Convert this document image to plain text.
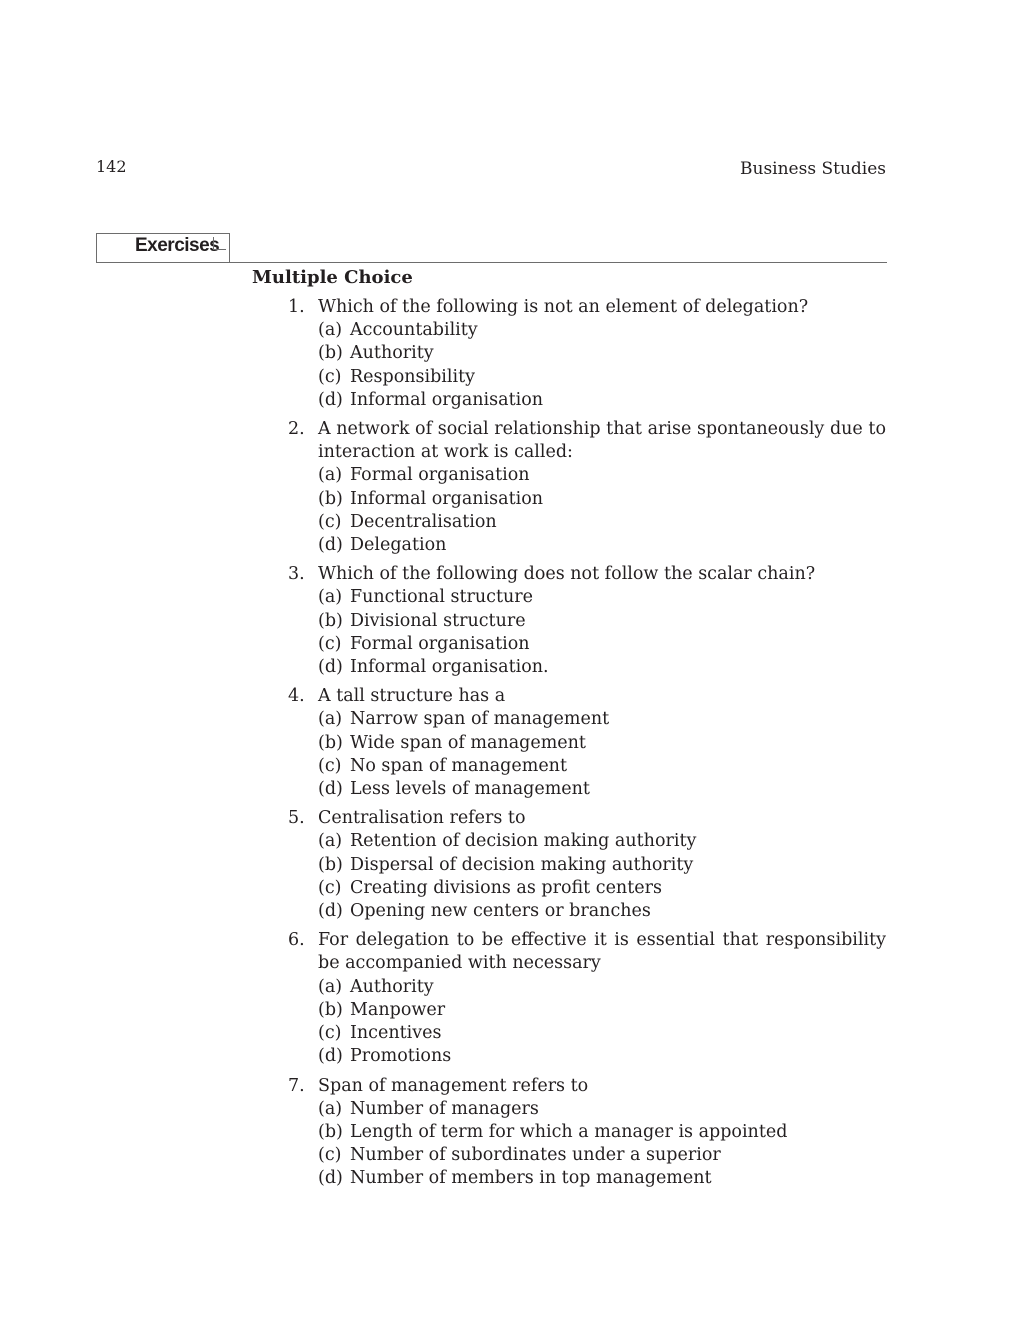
142	Business Studies
Exercises
Multiple Choice
1. Which of the following is not an element of delegation?
(a) Accountability
(b) Authority
(c) Responsibility
(d) Informal organisation
2. A network of social relationship that arise spontaneously due to interaction at work is called:
(a) Formal organisation
(b) Informal organisation
(c) Decentralisation
(d) Delegation
3. Which of the following does not follow the scalar chain?
(a) Functional structure
(b) Divisional structure
(c) Formal organisation
(d) Informal organisation.
4. A tall structure has a
(a) Narrow span of management
(b) Wide span of management
(c) No span of management
(d) Less levels of management
5. Centralisation refers to
(a) Retention of decision making authority
(b) Dispersal of decision making authority
(c) Creating divisions as profit centers
(d) Opening new centers or branches
6. For delegation to be effective it is essential that responsibility be accompanied with necessary
(a) Authority
(b) Manpower
(c) Incentives
(d) Promotions
7. Span of management refers to
(a) Number of managers
(b) Length of term for which a manager is appointed
(c) Number of subordinates under a superior
(d) Number of members in top management
